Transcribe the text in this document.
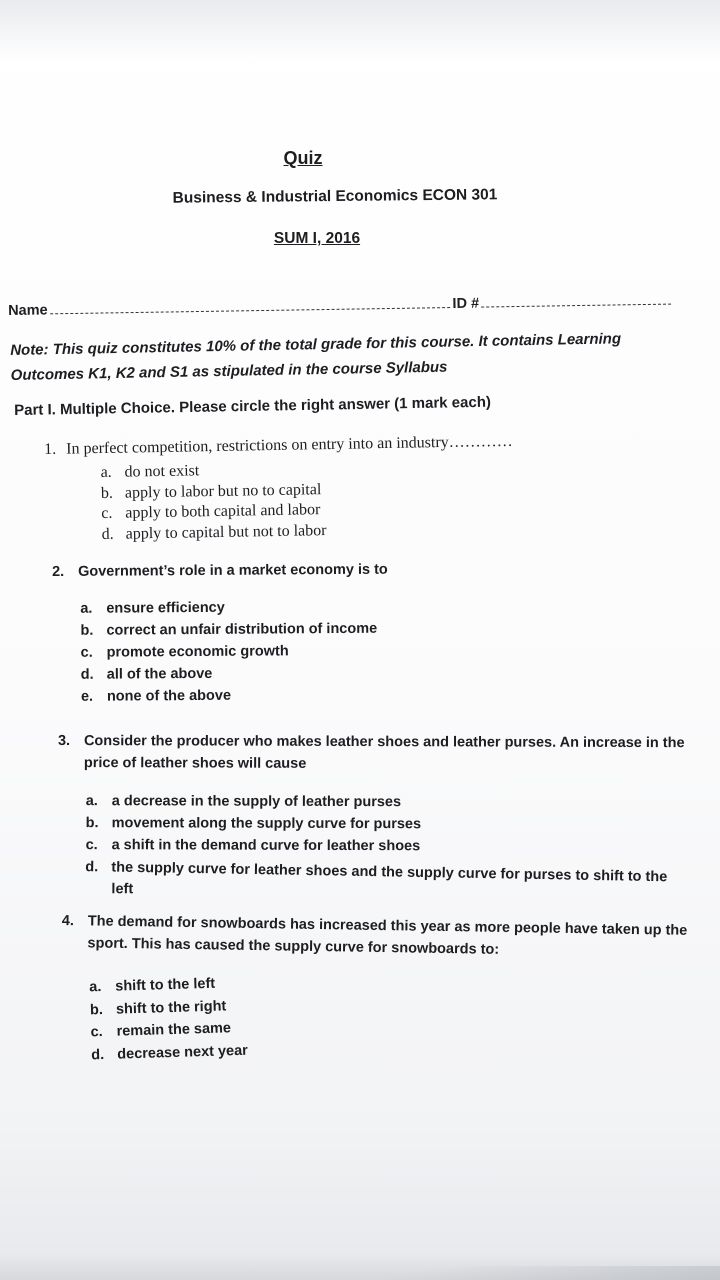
Quiz
Business & Industrial Economics ECON 301
SUM I, 2016
Name	ID #
Note: This quiz constitutes 10% of the total grade for this course. It contains Learning
Outcomes K1, K2 and S1 as stipulated in the course Syllabus
Part I. Multiple Choice. Please circle the right answer (1 mark each)
1. In perfect competition, restrictions on entry into an industry…………
a. do not exist
b. apply to labor but no to capital
c. apply to both capital and labor
d. apply to capital but not to labor
2. Government’s role in a market economy is to
a. ensure efficiency
b. correct an unfair distribution of income
c. promote economic growth
d. all of the above
e. none of the above
3. Consider the producer who makes leather shoes and leather purses. An increase in the
price of leather shoes will cause
a. a decrease in the supply of leather purses
b. movement along the supply curve for purses
c. a shift in the demand curve for leather shoes
d. the supply curve for leather shoes and the supply curve for purses to shift to the
left
4. The demand for snowboards has increased this year as more people have taken up the
sport. This has caused the supply curve for snowboards to:
a. shift to the left
b. shift to the right
c. remain the same
d. decrease next year
